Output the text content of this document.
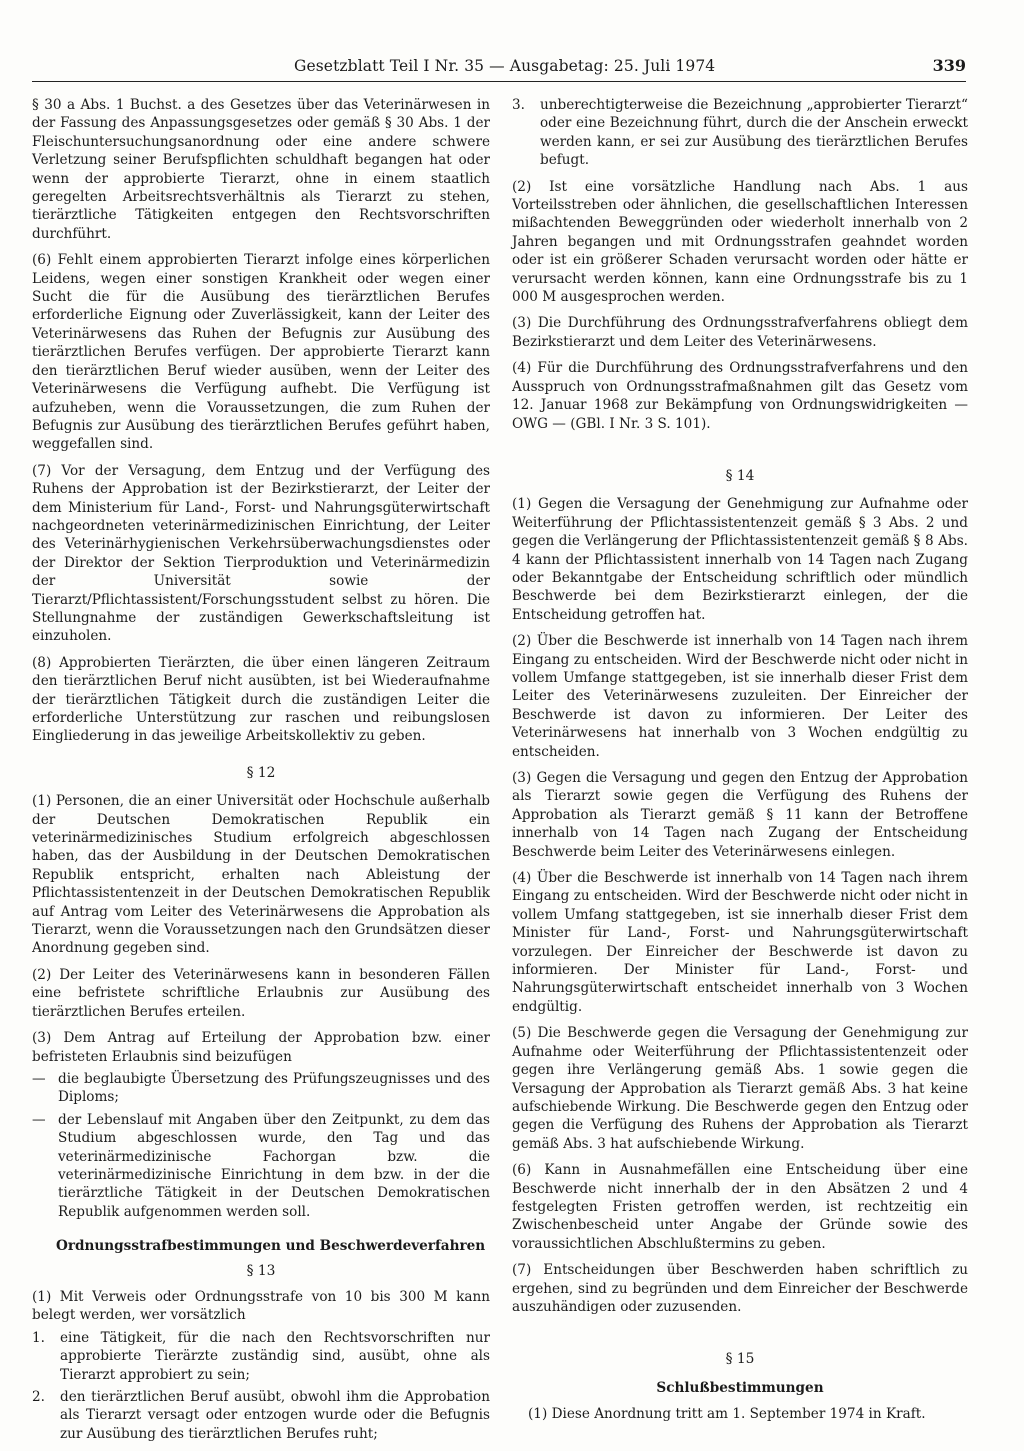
Gesetzblatt Teil I Nr. 35 — Ausgabetag: 25. Juli 1974	339

§ 30 a Abs. 1 Buchst. a des Gesetzes über das Veterinärwesen in der Fassung des Anpassungsgesetzes oder gemäß § 30 Abs. 1 der Fleischuntersuchungsanordnung oder eine andere schwere Verletzung seiner Berufspflichten schuldhaft begangen hat oder wenn der approbierte Tierarzt, ohne in einem staatlich geregelten Arbeitsrechtsverhältnis als Tierarzt zu stehen, tierärztliche Tätigkeiten entgegen den Rechtsvorschriften durchführt.

(6) Fehlt einem approbierten Tierarzt infolge eines körperlichen Leidens, wegen einer sonstigen Krankheit oder wegen einer Sucht die für die Ausübung des tierärztlichen Berufes erforderliche Eignung oder Zuverlässigkeit, kann der Leiter des Veterinärwesens das Ruhen der Befugnis zur Ausübung des tierärztlichen Berufes verfügen. Der approbierte Tierarzt kann den tierärztlichen Beruf wieder ausüben, wenn der Leiter des Veterinärwesens die Verfügung aufhebt. Die Verfügung ist aufzuheben, wenn die Voraussetzungen, die zum Ruhen der Befugnis zur Ausübung des tierärztlichen Berufes geführt haben, weggefallen sind.

(7) Vor der Versagung, dem Entzug und der Verfügung des Ruhens der Approbation ist der Bezirkstierarzt, der Leiter der dem Ministerium für Land-, Forst- und Nahrungsgüterwirtschaft nachgeordneten veterinärmedizinischen Einrichtung, der Leiter des Veterinärhygienischen Verkehrsüberwachungsdienstes oder der Direktor der Sektion Tierproduktion und Veterinärmedizin der Universität sowie der Tierarzt/Pflichtassistent/Forschungsstudent selbst zu hören. Die Stellungnahme der zuständigen Gewerkschaftsleitung ist einzuholen.

(8) Approbierten Tierärzten, die über einen längeren Zeitraum den tierärztlichen Beruf nicht ausübten, ist bei Wiederaufnahme der tierärztlichen Tätigkeit durch die zuständigen Leiter die erforderliche Unterstützung zur raschen und reibungslosen Eingliederung in das jeweilige Arbeitskollektiv zu geben.

§ 12

(1) Personen, die an einer Universität oder Hochschule außerhalb der Deutschen Demokratischen Republik ein veterinärmedizinisches Studium erfolgreich abgeschlossen haben, das der Ausbildung in der Deutschen Demokratischen Republik entspricht, erhalten nach Ableistung der Pflichtassistentenzeit in der Deutschen Demokratischen Republik auf Antrag vom Leiter des Veterinärwesens die Approbation als Tierarzt, wenn die Voraussetzungen nach den Grundsätzen dieser Anordnung gegeben sind.

(2) Der Leiter des Veterinärwesens kann in besonderen Fällen eine befristete schriftliche Erlaubnis zur Ausübung des tierärztlichen Berufes erteilen.

(3) Dem Antrag auf Erteilung der Approbation bzw. einer befristeten Erlaubnis sind beizufügen

— die beglaubigte Übersetzung des Prüfungszeugnisses und des Diploms;
— der Lebenslauf mit Angaben über den Zeitpunkt, zu dem das Studium abgeschlossen wurde, den Tag und das veterinärmedizinische Fachorgan bzw. die veterinärmedizinische Einrichtung in dem bzw. in der die tierärztliche Tätigkeit in der Deutschen Demokratischen Republik aufgenommen werden soll.
Ordnungsstrafbestimmungen und Beschwerdeverfahren
§ 13

(1) Mit Verweis oder Ordnungsstrafe von 10 bis 300 M kann belegt werden, wer vorsätzlich

1.	eine Tätigkeit, für die nach den Rechtsvorschriften nur approbierte Tierärzte zuständig sind, ausübt, ohne als Tierarzt approbiert zu sein;
2.	den tierärztlichen Beruf ausübt, obwohl ihm die Approbation als Tierarzt versagt oder entzogen wurde oder die Befugnis zur Ausübung des tierärztlichen Berufes ruht;
3.	unberechtigterweise die Bezeichnung „approbierter Tierarzt“ oder eine Bezeichnung führt, durch die der Anschein erweckt werden kann, er sei zur Ausübung des tierärztlichen Berufes befugt.

(2) Ist eine vorsätzliche Handlung nach Abs. 1 aus Vorteilsstreben oder ähnlichen, die gesellschaftlichen Interessen mißachtenden Beweggründen oder wiederholt innerhalb von 2 Jahren begangen und mit Ordnungsstrafen geahndet worden oder ist ein größerer Schaden verursacht worden oder hätte er verursacht werden können, kann eine Ordnungsstrafe bis zu 1 000 M ausgesprochen werden.

(3) Die Durchführung des Ordnungsstrafverfahrens obliegt dem Bezirkstierarzt und dem Leiter des Veterinärwesens.

(4) Für die Durchführung des Ordnungsstrafverfahrens und den Ausspruch von Ordnungsstrafmaßnahmen gilt das Gesetz vom 12. Januar 1968 zur Bekämpfung von Ordnungswidrigkeiten — OWG — (GBl. I Nr. 3 S. 101).

§ 14

(1) Gegen die Versagung der Genehmigung zur Aufnahme oder Weiterführung der Pflichtassistentenzeit gemäß § 3 Abs. 2 und gegen die Verlängerung der Pflichtassistentenzeit gemäß § 8 Abs. 4 kann der Pflichtassistent innerhalb von 14 Tagen nach Zugang oder Bekanntgabe der Entscheidung schriftlich oder mündlich Beschwerde bei dem Bezirkstierarzt einlegen, der die Entscheidung getroffen hat.

(2) Über die Beschwerde ist innerhalb von 14 Tagen nach ihrem Eingang zu entscheiden. Wird der Beschwerde nicht oder nicht in vollem Umfange stattgegeben, ist sie innerhalb dieser Frist dem Leiter des Veterinärwesens zuzuleiten. Der Einreicher der Beschwerde ist davon zu informieren. Der Leiter des Veterinärwesens hat innerhalb von 3 Wochen endgültig zu entscheiden.

(3) Gegen die Versagung und gegen den Entzug der Approbation als Tierarzt sowie gegen die Verfügung des Ruhens der Approbation als Tierarzt gemäß § 11 kann der Betroffene innerhalb von 14 Tagen nach Zugang der Entscheidung Beschwerde beim Leiter des Veterinärwesens einlegen.

(4) Über die Beschwerde ist innerhalb von 14 Tagen nach ihrem Eingang zu entscheiden. Wird der Beschwerde nicht oder nicht in vollem Umfang stattgegeben, ist sie innerhalb dieser Frist dem Minister für Land-, Forst- und Nahrungsgüterwirtschaft vorzulegen. Der Einreicher der Beschwerde ist davon zu informieren. Der Minister für Land-, Forst- und Nahrungsgüterwirtschaft entscheidet innerhalb von 3 Wochen endgültig.

(5) Die Beschwerde gegen die Versagung der Genehmigung zur Aufnahme oder Weiterführung der Pflichtassistentenzeit oder gegen ihre Verlängerung gemäß Abs. 1 sowie gegen die Versagung der Approbation als Tierarzt gemäß Abs. 3 hat keine aufschiebende Wirkung. Die Beschwerde gegen den Entzug oder gegen die Verfügung des Ruhens der Approbation als Tierarzt gemäß Abs. 3 hat aufschiebende Wirkung.

(6) Kann in Ausnahmefällen eine Entscheidung über eine Beschwerde nicht innerhalb der in den Absätzen 2 und 4 festgelegten Fristen getroffen werden, ist rechtzeitig ein Zwischenbescheid unter Angabe der Gründe sowie des voraussichtlichen Abschlußtermins zu geben.

(7) Entscheidungen über Beschwerden haben schriftlich zu ergehen, sind zu begründen und dem Einreicher der Beschwerde auszuhändigen oder zuzusenden.

§ 15
Schlußbestimmungen

(1) Diese Anordnung tritt am 1. September 1974 in Kraft.
